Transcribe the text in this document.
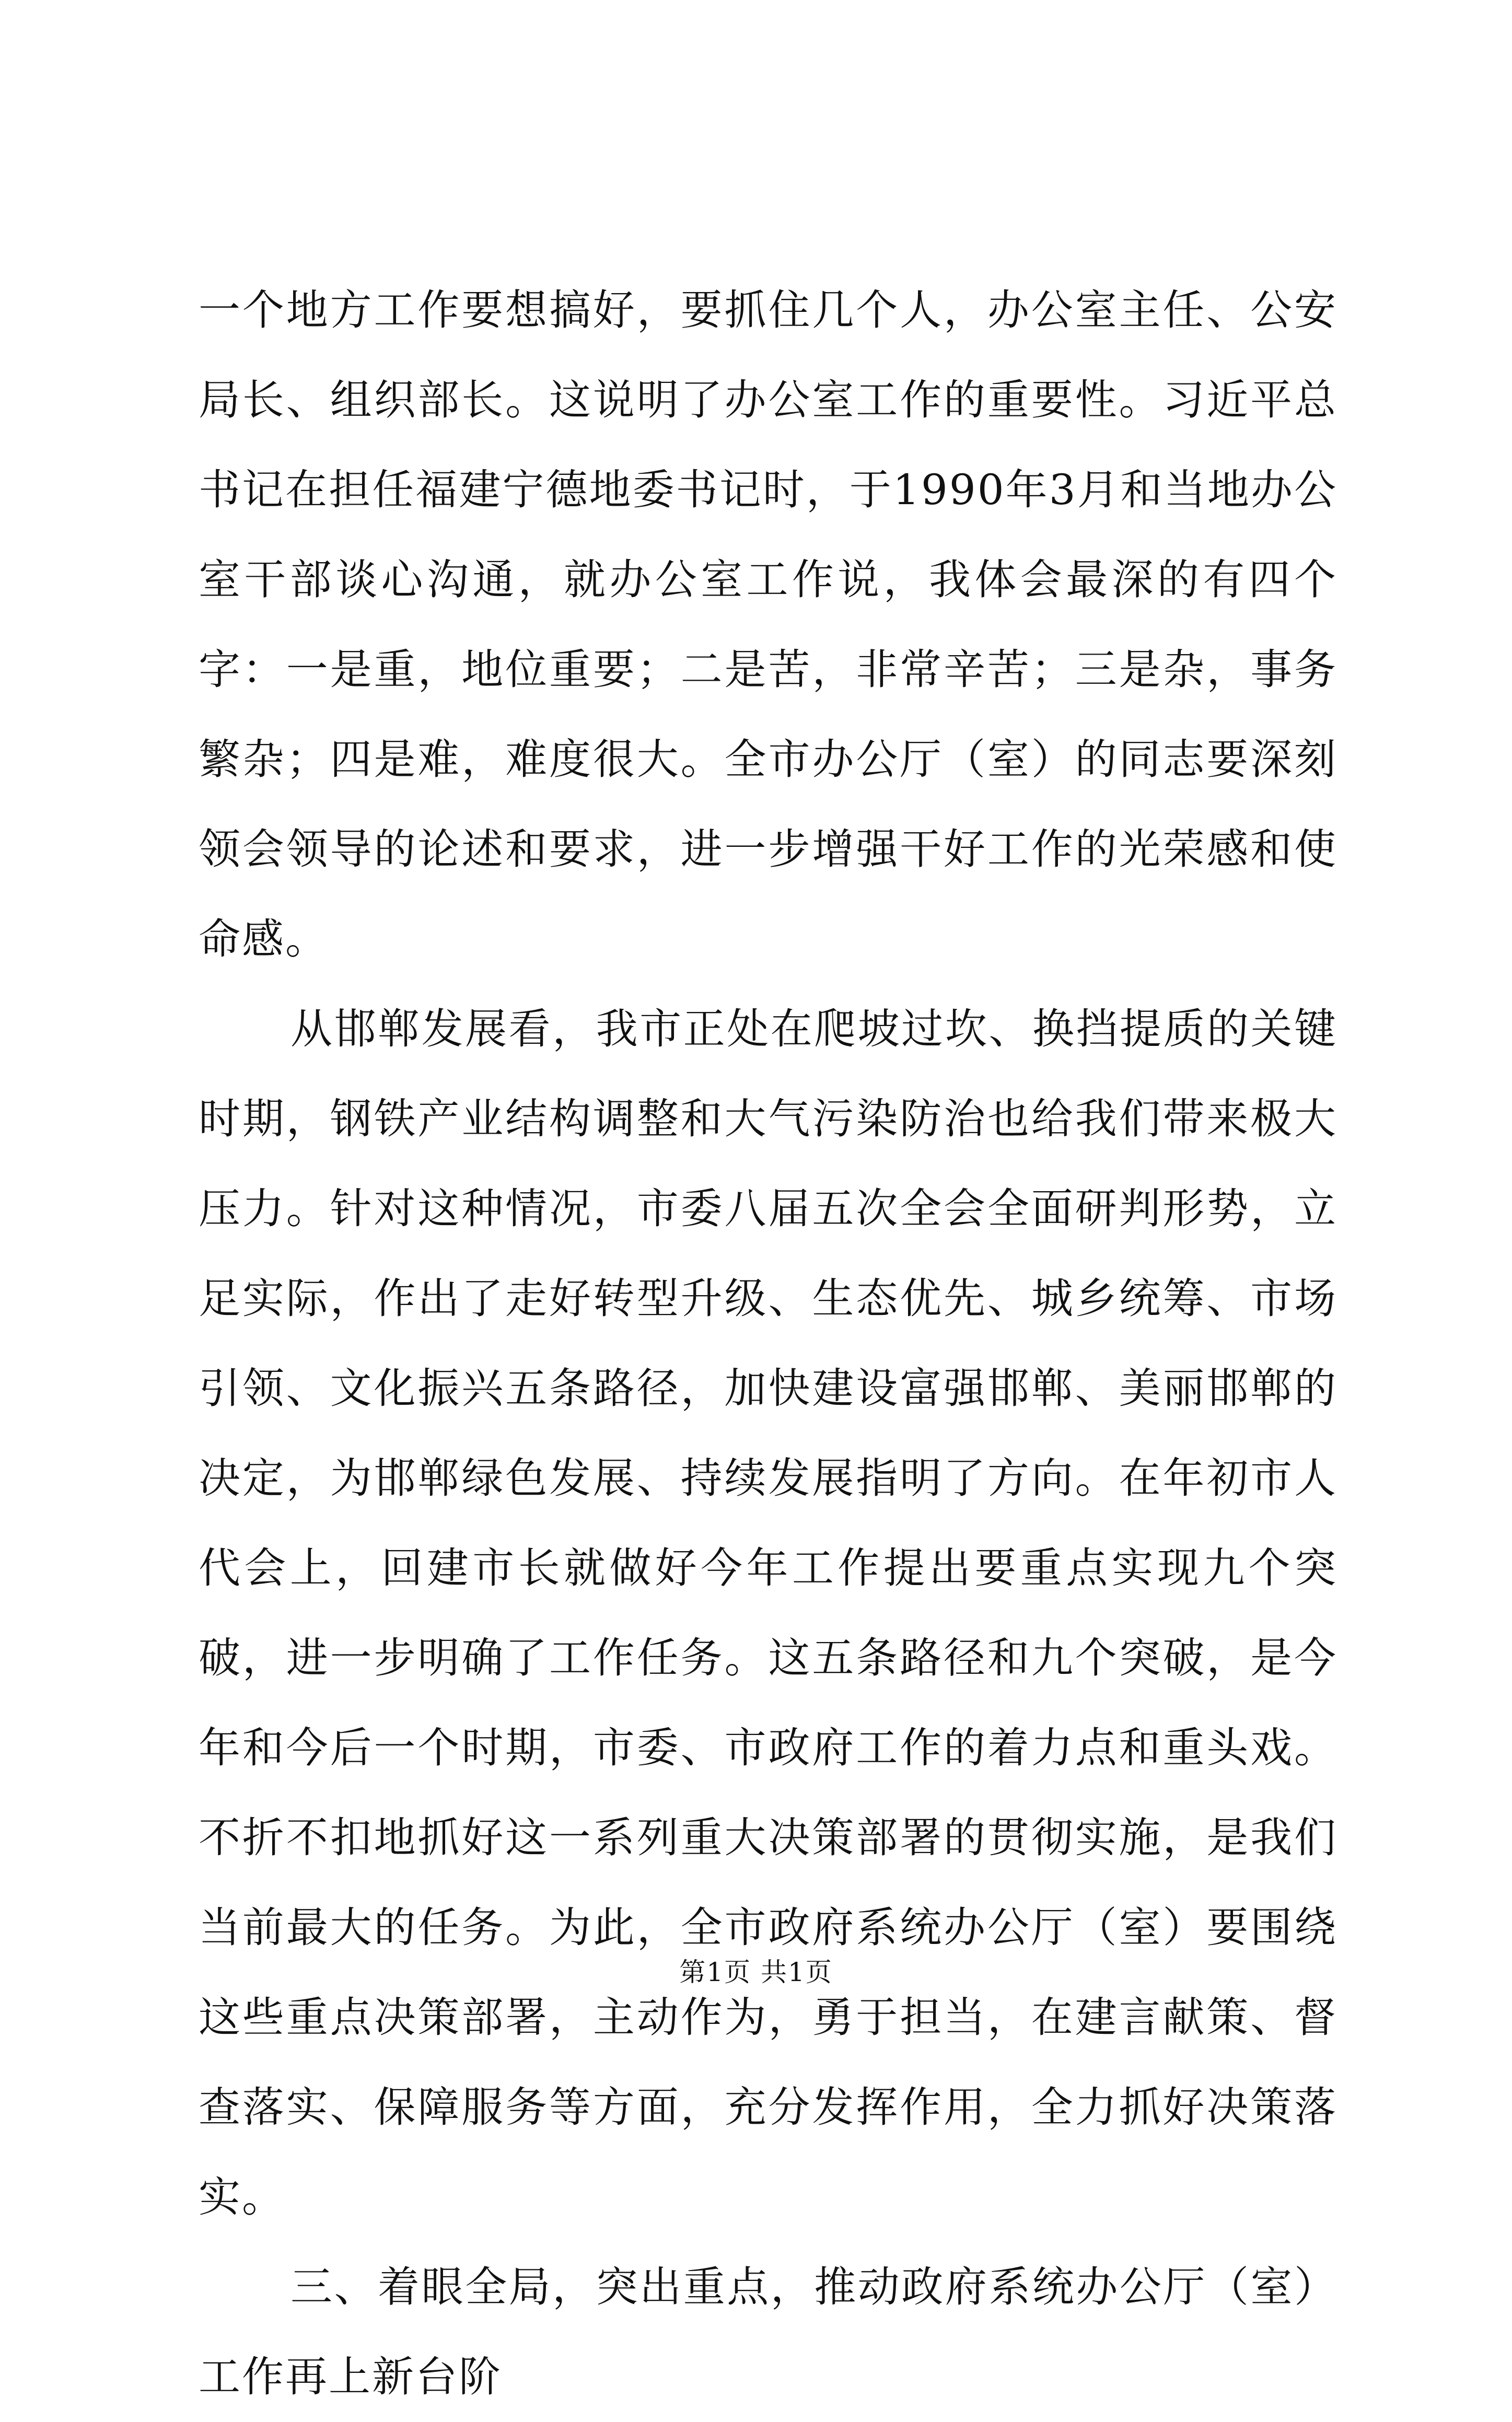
一个地方工作要想搞好，要抓住几个人，办公室主任、公安局长、组织部长。这说明了办公室工作的重要性。习近平总书记在担任福建宁德地委书记时，于1990年3月和当地办公室干部谈心沟通，就办公室工作说，我体会最深的有四个字：一是重，地位重要；二是苦，非常辛苦；三是杂，事务繁杂；四是难，难度很大。全市办公厅（室）的同志要深刻领会领导的论述和要求，进一步增强干好工作的光荣感和使命感。

从邯郸发展看，我市正处在爬坡过坎、换挡提质的关键时期，钢铁产业结构调整和大气污染防治也给我们带来极大压力。针对这种情况，市委八届五次全会全面研判形势，立足实际，作出了走好转型升级、生态优先、城乡统筹、市场引领、文化振兴五条路径，加快建设富强邯郸、美丽邯郸的决定，为邯郸绿色发展、持续发展指明了方向。在年初市人代会上，回建市长就做好今年工作提出要重点实现九个突破，进一步明确了工作任务。这五条路径和九个突破，是今年和今后一个时期，市委、市政府工作的着力点和重头戏。不折不扣地抓好这一系列重大决策部署的贯彻实施，是我们当前最大的任务。为此，全市政府系统办公厅（室）要围绕这些重点决策部署，主动作为，勇于担当，在建言献策、督查落实、保障服务等方面，充分发挥作用，全力抓好决策落实。

三、着眼全局，突出重点，推动政府系统办公厅（室）工作再上新台阶

第1页 共1页
